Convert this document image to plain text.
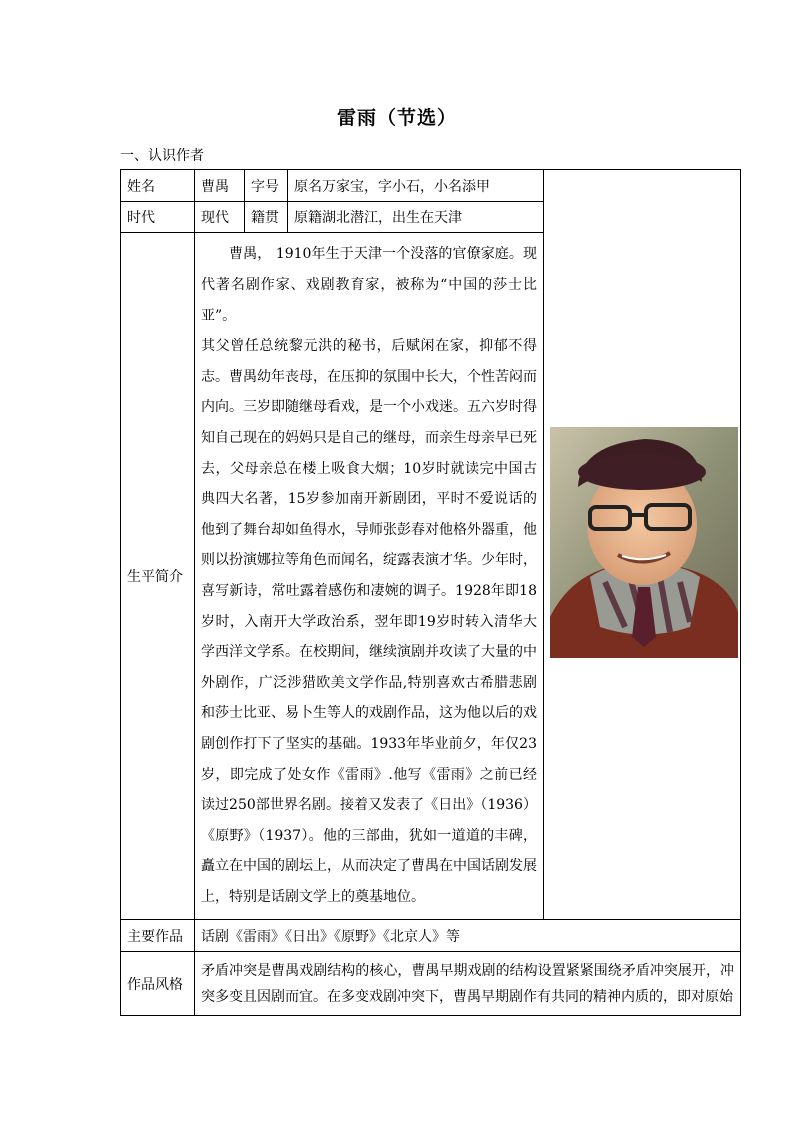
雷雨（节选）
一、认识作者
姓名	曹禺	字号	原名万家宝，字小石，小名添甲	
时代	现代	籍贯	原籍湖北潜江，出生在天津	
生平简介	曹禺， 1910年生于天津一个没落的官僚家庭。现代著名剧作家、戏剧教育家，被称为“中国的莎士比亚”。

其父曾任总统黎元洪的秘书，后赋闲在家，抑郁不得志。曹禺幼年丧母，在压抑的氛围中长大，个性苦闷而内向。三岁即随继母看戏，是一个小戏迷。五六岁时得知自己现在的妈妈只是自己的继母，而亲生母亲早已死去，父母亲总在楼上吸食大烟；10岁时就读完中国古典四大名著，15岁参加南开新剧团，平时不爱说话的他到了舞台却如鱼得水，导师张彭春对他格外器重，他则以扮演娜拉等角色而闻名，绽露表演才华。少年时，喜写新诗，常吐露着感伤和凄婉的调子。1928年即18岁时，入南开大学政治系，翌年即19岁时转入清华大学西洋文学系。在校期间，继续演剧并攻读了大量的中外剧作，广泛涉猎欧美文学作品,特别喜欢古希腊悲剧和莎士比亚、易卜生等人的戏剧作品，这为他以后的戏剧创作打下了坚实的基础。1933年毕业前夕，年仅23岁，即完成了处女作《雷雨》.他写《雷雨》之前已经读过250部世界名剧。接着又发表了《日出》（1936）《原野》（1937）。他的三部曲，犹如一道道的丰碑，矗立在中国的剧坛上，从而决定了曹禺在中国话剧发展上，特别是话剧文学上的奠基地位。			

主要作品	话剧《雷雨》《日出》《原野》《北京人》等			
作品风格	矛盾冲突是曹禺戏剧结构的核心，曹禺早期戏剧的结构设置紧紧围绕矛盾冲突展开，冲突多变且因剧而宜。在多变戏剧冲突下，曹禺早期剧作有共同的精神内质的，即对原始			
